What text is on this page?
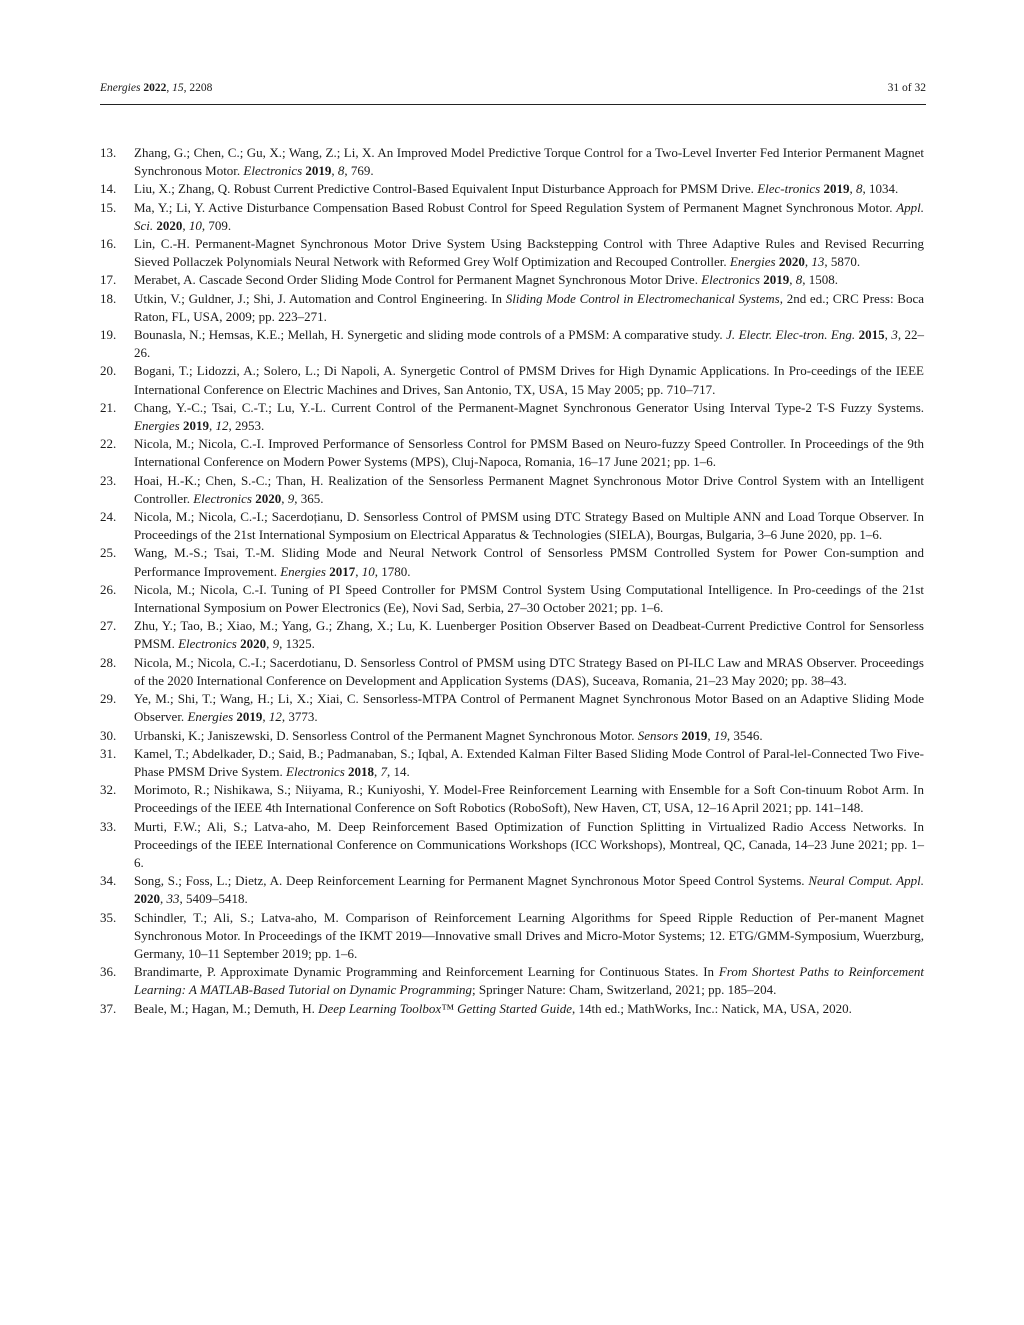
Energies 2022, 15, 2208	31 of 32
13. Zhang, G.; Chen, C.; Gu, X.; Wang, Z.; Li, X. An Improved Model Predictive Torque Control for a Two-Level Inverter Fed Interior Permanent Magnet Synchronous Motor. Electronics 2019, 8, 769.
14. Liu, X.; Zhang, Q. Robust Current Predictive Control-Based Equivalent Input Disturbance Approach for PMSM Drive. Elec-tronics 2019, 8, 1034.
15. Ma, Y.; Li, Y. Active Disturbance Compensation Based Robust Control for Speed Regulation System of Permanent Magnet Synchronous Motor. Appl. Sci. 2020, 10, 709.
16. Lin, C.-H. Permanent-Magnet Synchronous Motor Drive System Using Backstepping Control with Three Adaptive Rules and Revised Recurring Sieved Pollaczek Polynomials Neural Network with Reformed Grey Wolf Optimization and Recouped Controller. Energies 2020, 13, 5870.
17. Merabet, A. Cascade Second Order Sliding Mode Control for Permanent Magnet Synchronous Motor Drive. Electronics 2019, 8, 1508.
18. Utkin, V.; Guldner, J.; Shi, J. Automation and Control Engineering. In Sliding Mode Control in Electromechanical Systems, 2nd ed.; CRC Press: Boca Raton, FL, USA, 2009; pp. 223–271.
19. Bounasla, N.; Hemsas, K.E.; Mellah, H. Synergetic and sliding mode controls of a PMSM: A comparative study. J. Electr. Elec-tron. Eng. 2015, 3, 22–26.
20. Bogani, T.; Lidozzi, A.; Solero, L.; Di Napoli, A. Synergetic Control of PMSM Drives for High Dynamic Applications. In Pro-ceedings of the IEEE International Conference on Electric Machines and Drives, San Antonio, TX, USA, 15 May 2005; pp. 710–717.
21. Chang, Y.-C.; Tsai, C.-T.; Lu, Y.-L. Current Control of the Permanent-Magnet Synchronous Generator Using Interval Type-2 T-S Fuzzy Systems. Energies 2019, 12, 2953.
22. Nicola, M.; Nicola, C.-I. Improved Performance of Sensorless Control for PMSM Based on Neuro-fuzzy Speed Controller. In Proceedings of the 9th International Conference on Modern Power Systems (MPS), Cluj-Napoca, Romania, 16–17 June 2021; pp. 1–6.
23. Hoai, H.-K.; Chen, S.-C.; Than, H. Realization of the Sensorless Permanent Magnet Synchronous Motor Drive Control System with an Intelligent Controller. Electronics 2020, 9, 365.
24. Nicola, M.; Nicola, C.-I.; Sacerdoțianu, D. Sensorless Control of PMSM using DTC Strategy Based on Multiple ANN and Load Torque Observer. In Proceedings of the 21st International Symposium on Electrical Apparatus & Technologies (SIELA), Bourgas, Bulgaria, 3–6 June 2020, pp. 1–6.
25. Wang, M.-S.; Tsai, T.-M. Sliding Mode and Neural Network Control of Sensorless PMSM Controlled System for Power Con-sumption and Performance Improvement. Energies 2017, 10, 1780.
26. Nicola, M.; Nicola, C.-I. Tuning of PI Speed Controller for PMSM Control System Using Computational Intelligence. In Pro-ceedings of the 21st International Symposium on Power Electronics (Ee), Novi Sad, Serbia, 27–30 October 2021; pp. 1–6.
27. Zhu, Y.; Tao, B.; Xiao, M.; Yang, G.; Zhang, X.; Lu, K. Luenberger Position Observer Based on Deadbeat-Current Predictive Control for Sensorless PMSM. Electronics 2020, 9, 1325.
28. Nicola, M.; Nicola, C.-I.; Sacerdotianu, D. Sensorless Control of PMSM using DTC Strategy Based on PI-ILC Law and MRAS Observer. Proceedings of the 2020 International Conference on Development and Application Systems (DAS), Suceava, Romania, 21–23 May 2020; pp. 38–43.
29. Ye, M.; Shi, T.; Wang, H.; Li, X.; Xiai, C. Sensorless-MTPA Control of Permanent Magnet Synchronous Motor Based on an Adaptive Sliding Mode Observer. Energies 2019, 12, 3773.
30. Urbanski, K.; Janiszewski, D. Sensorless Control of the Permanent Magnet Synchronous Motor. Sensors 2019, 19, 3546.
31. Kamel, T.; Abdelkader, D.; Said, B.; Padmanaban, S.; Iqbal, A. Extended Kalman Filter Based Sliding Mode Control of Paral-lel-Connected Two Five-Phase PMSM Drive System. Electronics 2018, 7, 14.
32. Morimoto, R.; Nishikawa, S.; Niiyama, R.; Kuniyoshi, Y. Model-Free Reinforcement Learning with Ensemble for a Soft Con-tinuum Robot Arm. In Proceedings of the IEEE 4th International Conference on Soft Robotics (RoboSoft), New Haven, CT, USA, 12–16 April 2021; pp. 141–148.
33. Murti, F.W.; Ali, S.; Latva-aho, M. Deep Reinforcement Based Optimization of Function Splitting in Virtualized Radio Access Networks. In Proceedings of the IEEE International Conference on Communications Workshops (ICC Workshops), Montreal, QC, Canada, 14–23 June 2021; pp. 1–6.
34. Song, S.; Foss, L.; Dietz, A. Deep Reinforcement Learning for Permanent Magnet Synchronous Motor Speed Control Systems. Neural Comput. Appl. 2020, 33, 5409–5418.
35. Schindler, T.; Ali, S.; Latva-aho, M. Comparison of Reinforcement Learning Algorithms for Speed Ripple Reduction of Per-manent Magnet Synchronous Motor. In Proceedings of the IKMT 2019—Innovative small Drives and Micro-Motor Systems; 12. ETG/GMM-Symposium, Wuerzburg, Germany, 10–11 September 2019; pp. 1–6.
36. Brandimarte, P. Approximate Dynamic Programming and Reinforcement Learning for Continuous States. In From Shortest Paths to Reinforcement Learning: A MATLAB-Based Tutorial on Dynamic Programming; Springer Nature: Cham, Switzerland, 2021; pp. 185–204.
37. Beale, M.; Hagan, M.; Demuth, H. Deep Learning Toolbox™ Getting Started Guide, 14th ed.; MathWorks, Inc.: Natick, MA, USA, 2020.
